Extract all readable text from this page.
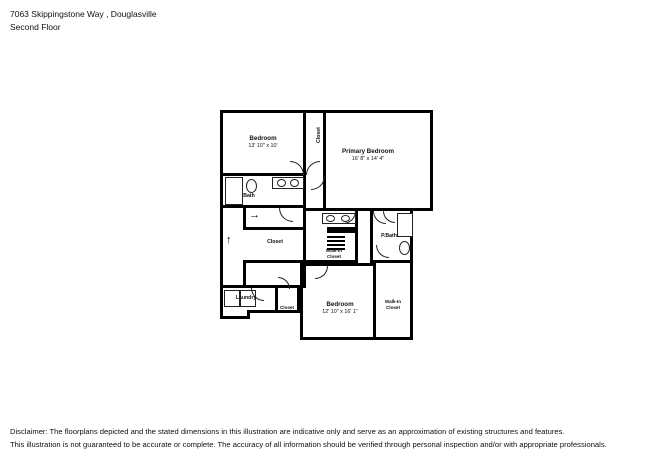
7063 Skippingstone Way , Douglasville
Second Floor
→
↑
←
Bedroom
13' 10" x 10'
Primary Bedroom
16' 8" x 14' 4"
Bath
Closet
Closet
Walk-In
Closet
P.Bath
Laundry
Closet	Bedroom
12' 10" x 16' 1"
Walk-In
Closet
Disclaimer: The floorplans depicted and the stated dimensions in this illustration are indicative only and serve as an approximation of existing structures and features.
This illustration is not guaranteed to be accurate or complete. The accuracy of all information should be verified through personal inspection and/or with appropriate professionals.
